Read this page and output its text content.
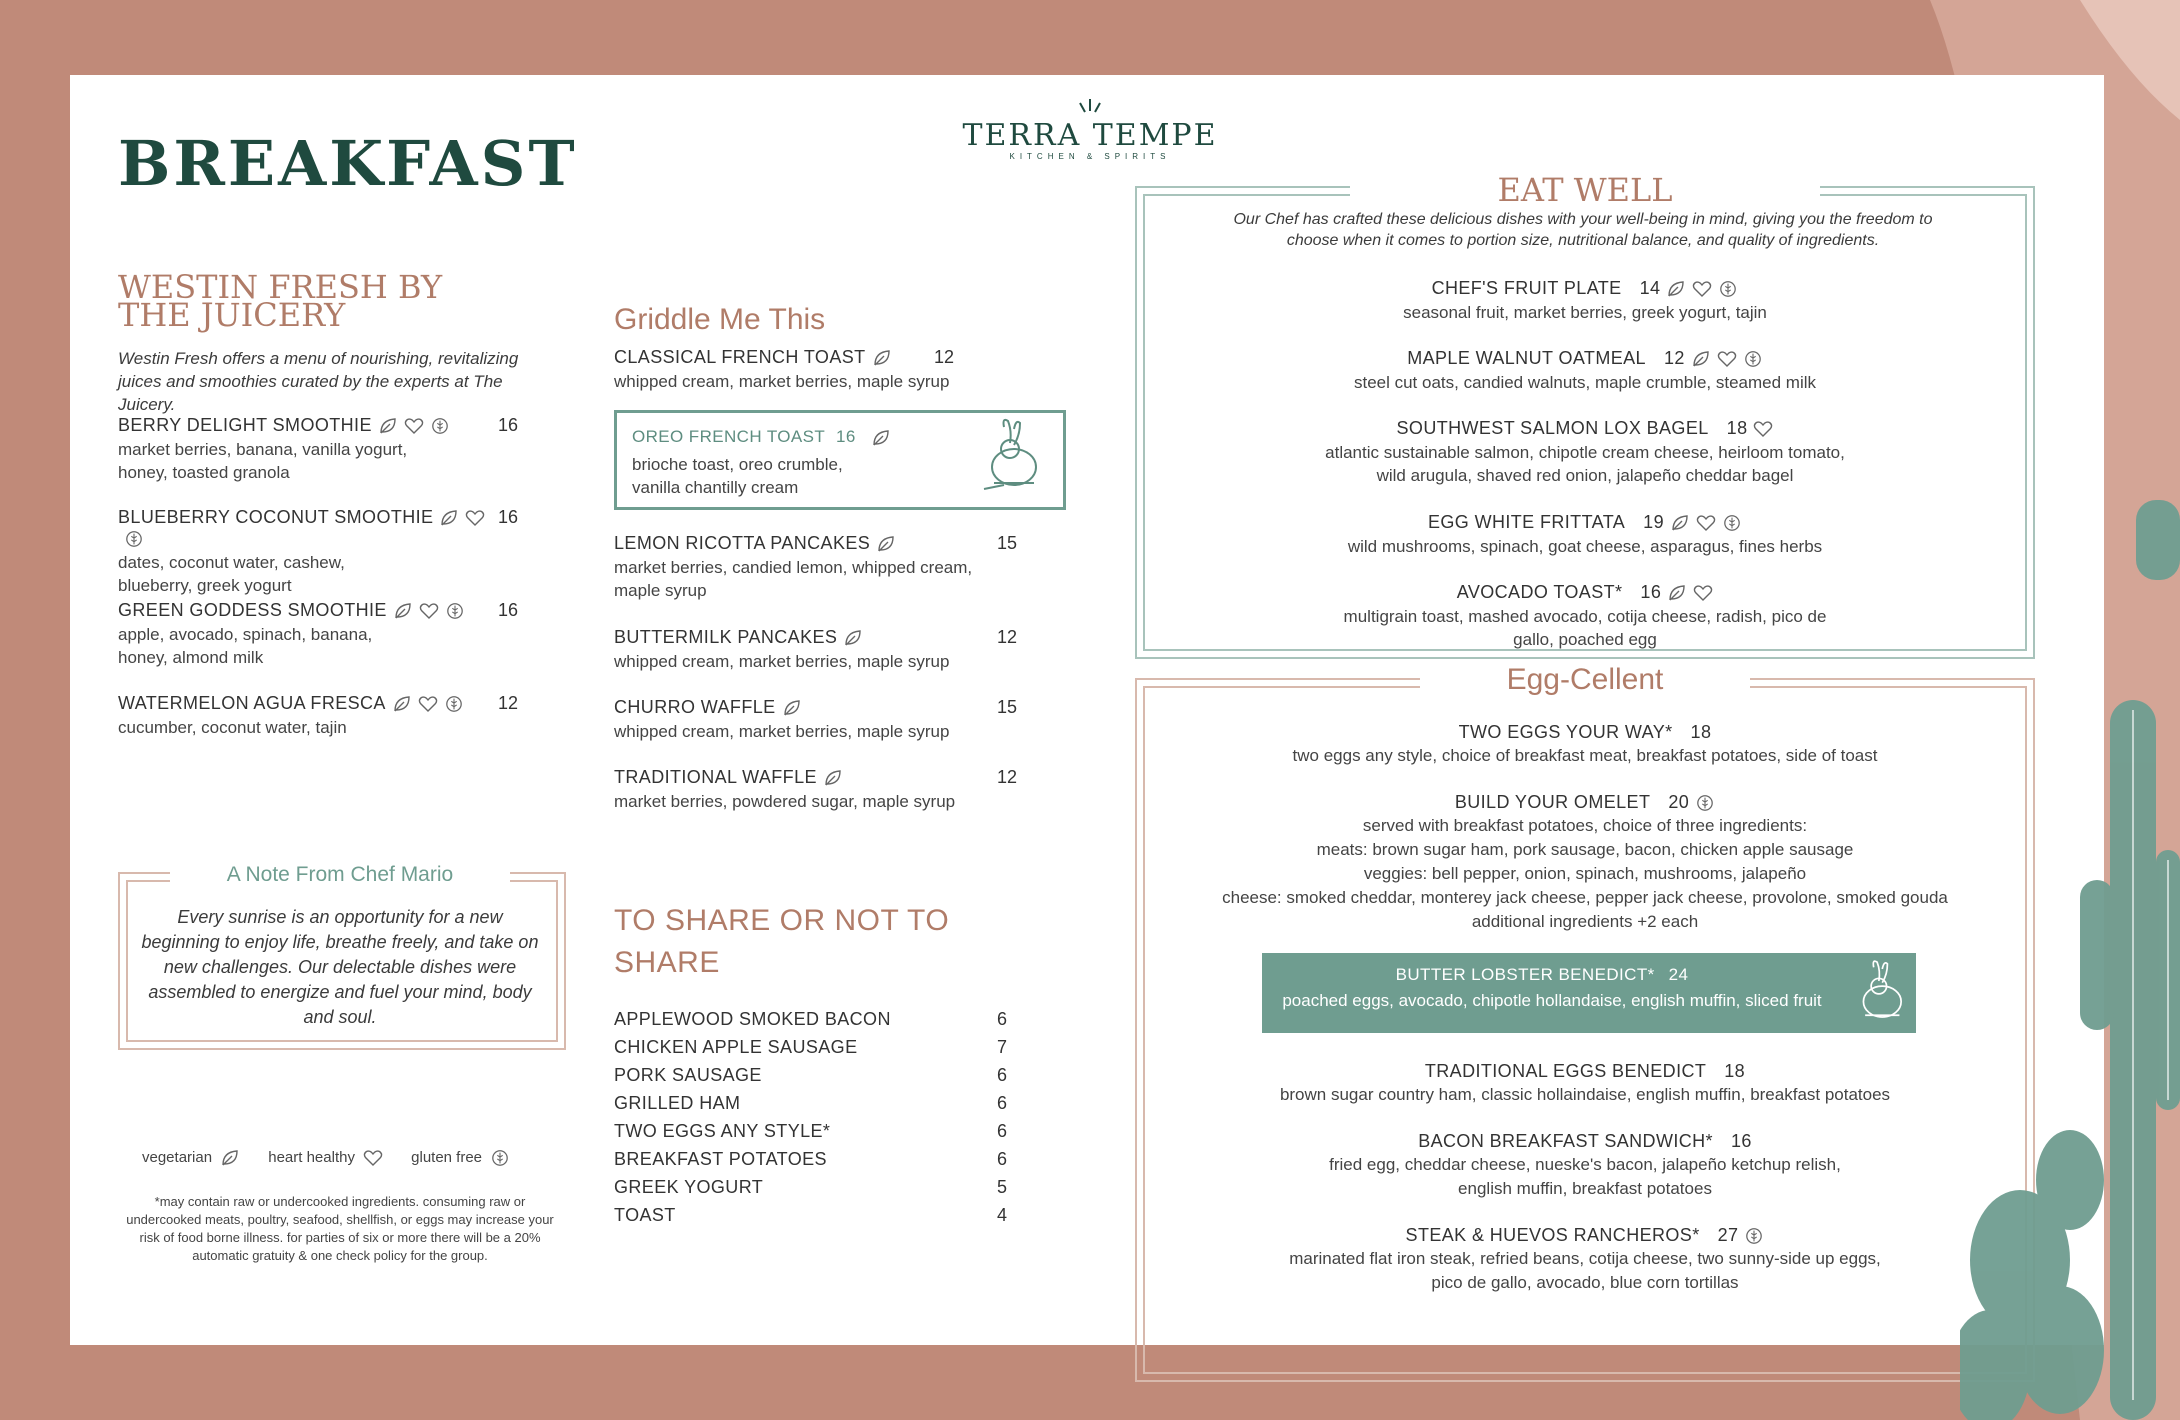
TERRA TEMPE
KITCHEN & SPIRITS
BREAKFAST
WESTIN FRESH BY THE JUICERY
Westin Fresh offers a menu of nourishing, revitalizing juices and smoothies curated by the experts at The Juicery.
BERRY DELIGHT SMOOTHIE	16
market berries, banana, vanilla yogurt, honey, toasted granola
BLUEBERRY COCONUT SMOOTHIE	16
dates, coconut water, cashew, blueberry, greek yogurt
GREEN GODDESS SMOOTHIE	16
apple, avocado, spinach, banana, honey, almond milk
WATERMELON AGUA FRESCA	12
cucumber, coconut water, tajin
A Note From Chef Mario
Every sunrise is an opportunity for a new beginning to enjoy life, breathe freely, and take on new challenges. Our delectable dishes were assembled to energize and fuel your mind, body and soul.
vegetarian	heart healthy	gluten free
*may contain raw or undercooked ingredients. consuming raw or undercooked meats, poultry, seafood, shellfish, or eggs may increase your risk of food borne illness. for parties of six or more there will be a 20% automatic gratuity & one check policy for the group.
Griddle Me This
CLASSICAL FRENCH TOAST	12
whipped cream, market berries, maple syrup
OREO FRENCH TOAST 16
brioche toast, oreo crumble, vanilla chantilly cream
LEMON RICOTTA PANCAKES	15
market berries, candied lemon, whipped cream, maple syrup
BUTTERMILK PANCAKES	12
whipped cream, market berries, maple syrup
CHURRO WAFFLE	15
whipped cream, market berries, maple syrup
TRADITIONAL WAFFLE	12
market berries, powdered sugar, maple syrup
TO SHARE OR NOT TO SHARE
APPLEWOOD SMOKED BACON	6
CHICKEN APPLE SAUSAGE	7
PORK SAUSAGE	6
GRILLED HAM	6
TWO EGGS ANY STYLE*	6
BREAKFAST POTATOES	6
GREEK YOGURT	5
TOAST	4
EAT WELL
Our Chef has crafted these delicious dishes with your well-being in mind, giving you the freedom to choose when it comes to portion size, nutritional balance, and quality of ingredients.
CHEF'S FRUIT PLATE 14
seasonal fruit, market berries, greek yogurt, tajin
MAPLE WALNUT OATMEAL 12
steel cut oats, candied walnuts, maple crumble, steamed milk
SOUTHWEST SALMON LOX BAGEL 18
atlantic sustainable salmon, chipotle cream cheese, heirloom tomato, wild arugula, shaved red onion, jalapeño cheddar bagel
EGG WHITE FRITTATA 19
wild mushrooms, spinach, goat cheese, asparagus, fines herbs
AVOCADO TOAST* 16
multigrain toast, mashed avocado, cotija cheese, radish, pico de gallo, poached egg
Egg-Cellent
TWO EGGS YOUR WAY* 18
two eggs any style, choice of breakfast meat, breakfast potatoes, side of toast
BUILD YOUR OMELET 20
served with breakfast potatoes, choice of three ingredients:
meats: brown sugar ham, pork sausage, bacon, chicken apple sausage
veggies: bell pepper, onion, spinach, mushrooms, jalapeño
cheese: smoked cheddar, monterey jack cheese, pepper jack cheese, provolone, smoked gouda
additional ingredients +2 each
BUTTER LOBSTER BENEDICT* 24
poached eggs, avocado, chipotle hollandaise, english muffin, sliced fruit
TRADITIONAL EGGS BENEDICT 18
brown sugar country ham, classic hollaindaise, english muffin, breakfast potatoes
BACON BREAKFAST SANDWICH* 16
fried egg, cheddar cheese, nueske's bacon, jalapeño ketchup relish,
english muffin, breakfast potatoes
STEAK & HUEVOS RANCHEROS* 27
marinated flat iron steak, refried beans, cotija cheese, two sunny-side up eggs,
pico de gallo, avocado, blue corn tortillas
